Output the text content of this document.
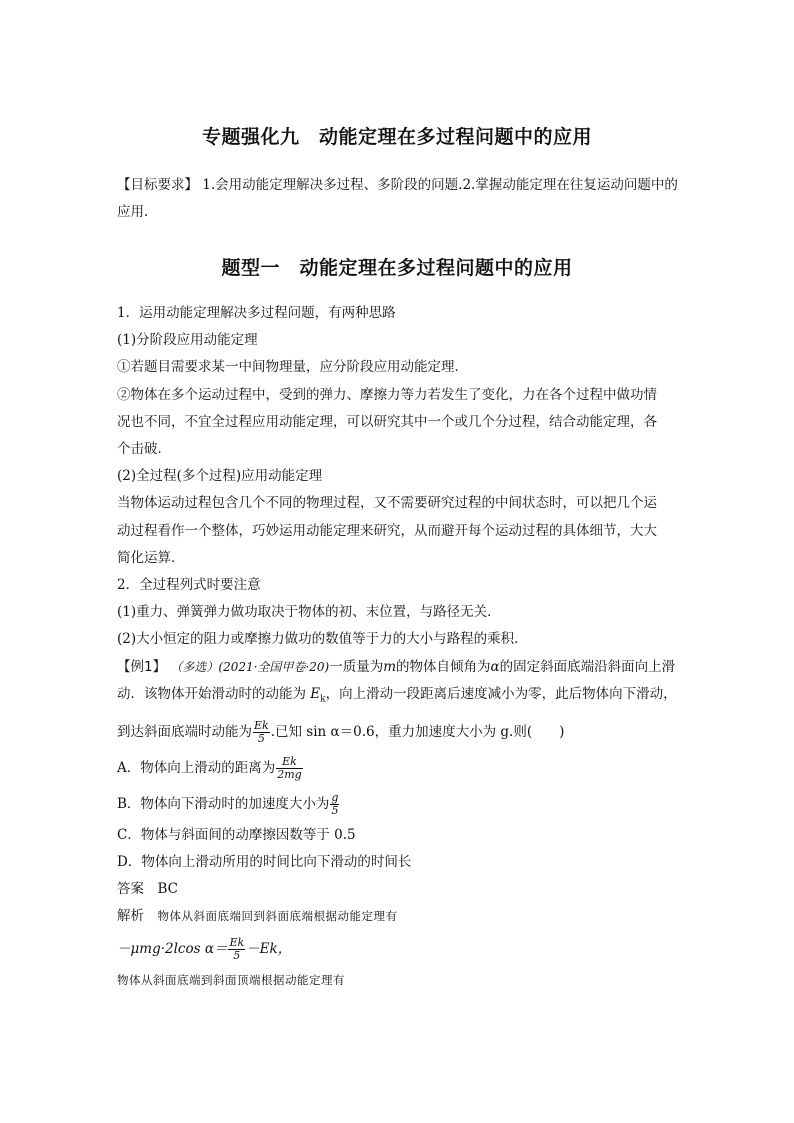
专题强化九　动能定理在多过程问题中的应用
【目标要求】 1.会用动能定理解决多过程、多阶段的问题.2.掌握动能定理在往复运动问题中的
应用.
题型一　动能定理在多过程问题中的应用

1．运用动能定理解决多过程问题，有两种思路

(1)分阶段应用动能定理

①若题目需要求某一中间物理量，应分阶段应用动能定理．

②物体在多个运动过程中，受到的弹力、摩擦力等力若发生了变化，力在各个过程中做功情

况也不同，不宜全过程应用动能定理，可以研究其中一个或几个分过程，结合动能定理，各

个击破．

(2)全过程(多个过程)应用动能定理

当物体运动过程包含几个不同的物理过程，又不需要研究过程的中间状态时，可以把几个运

动过程看作一个整体，巧妙运用动能定理来研究，从而避开每个运动过程的具体细节，大大

简化运算．

2．全过程列式时要注意

(1)重力、弹簧弹力做功取决于物体的初、末位置，与路径无关．

(2)大小恒定的阻力或摩擦力做功的数值等于力的大小与路程的乘积．

【例1】 （多选）(2021·全国甲卷·20)一质量为m的物体自倾角为α的固定斜面底端沿斜面向上滑

动．该物体开始滑动时的动能为 $E_k$，向上滑动一段距离后速度减小为零，此后物体向下滑动，

到达斜面底端时动能为 $\frac{Ek}{5}$ .已知 sin α＝0.6，重力加速度大小为 g.则(　　)

A．物体向上滑动的距离为 $\frac{Ek}{2mg}$

B．物体向下滑动时的加速度大小为 $\frac{g}{5}$

C．物体与斜面间的动摩擦因数等于 0.5

D．物体向上滑动所用的时间比向下滑动的时间长

答案　BC

解析　物体从斜面底端回到斜面底端根据动能定理有

－μmg·2lcos $\alpha= \frac{Ek}{5} -Ek$，

物体从斜面底端到斜面顶端根据动能定理有
